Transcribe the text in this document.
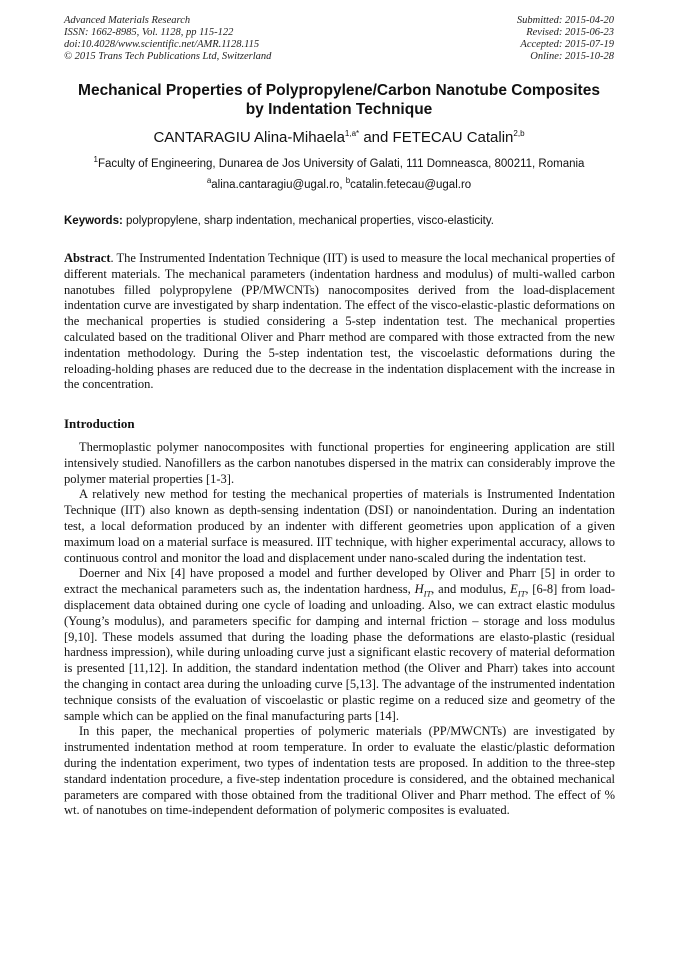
Advanced Materials Research
ISSN: 1662-8985, Vol. 1128, pp 115-122
doi:10.4028/www.scientific.net/AMR.1128.115
© 2015 Trans Tech Publications Ltd, Switzerland
Submitted: 2015-04-20
Revised: 2015-06-23
Accepted: 2015-07-19
Online: 2015-10-28
Mechanical Properties of Polypropylene/Carbon Nanotube Composites
by Indentation Technique
CANTARAGIU Alina-Mihaela$^{1,a*}$ and FETECAU Catalin$^{2,b}$
$^1$Faculty of Engineering, Dunarea de Jos University of Galati, 111 Domneasca, 800211, Romania
$^a$alina.cantaragiu@ugal.ro, $^b$catalin.fetecau@ugal.ro
Keywords: polypropylene, sharp indentation, mechanical properties, visco-elasticity.
Abstract. The Instrumented Indentation Technique (IIT) is used to measure the local mechanical properties of different materials. The mechanical parameters (indentation hardness and modulus) of multi-walled carbon nanotubes filled polypropylene (PP/MWCNTs) nanocomposites derived from the load-displacement indentation curve are investigated by sharp indentation. The effect of the visco-elastic-plastic deformations on the mechanical properties is studied considering a 5-step indentation test. The mechanical properties calculated based on the traditional Oliver and Pharr method are compared with those extracted from the new indentation methodology. During the 5-step indentation test, the viscoelastic deformations during the reloading-holding phases are reduced due to the decrease in the indentation displacement with the increase in the concentration.
Introduction

Thermoplastic polymer nanocomposites with functional properties for engineering application are still intensively studied. Nanofillers as the carbon nanotubes dispersed in the matrix can considerably improve the polymer material properties [1-3].

A relatively new method for testing the mechanical properties of materials is Instrumented Indentation Technique (IIT) also known as depth-sensing indentation (DSI) or nanoindentation. During an indentation test, a local deformation produced by an indenter with different geometries upon application of a given maximum load on a material surface is measured. IIT technique, with higher experimental accuracy, allows to continuous control and monitor the load and displacement under nano-scaled during the indentation test.

Doerner and Nix [4] have proposed a model and further developed by Oliver and Pharr [5] in order to extract the mechanical parameters such as, the indentation hardness, $H_{IT}$, and modulus, $E_{IT}$, [6-8] from load-displacement data obtained during one cycle of loading and unloading. Also, we can extract elastic modulus (Young’s modulus), and parameters specific for damping and internal friction – storage and loss modulus [9,10]. These models assumed that during the loading phase the deformations are elasto-plastic (residual hardness impression), while during unloading curve just a significant elastic recovery of material deformation is presented [11,12]. In addition, the standard indentation method (the Oliver and Pharr) takes into account the changing in contact area during the unloading curve [5,13]. The advantage of the instrumented indentation technique consists of the evaluation of viscoelastic or plastic regime on a reduced size and geometry of the sample which can be applied on the final manufacturing parts [14].

In this paper, the mechanical properties of polymeric materials (PP/MWCNTs) are investigated by instrumented indentation method at room temperature. In order to evaluate the elastic/plastic deformation during the indentation experiment, two types of indentation tests are proposed. In addition to the three-step standard indentation procedure, a five-step indentation procedure is considered, and the obtained mechanical parameters are compared with those obtained from the traditional Oliver and Pharr method. The effect of % wt. of nanotubes on time-independent deformation of polymeric composites is evaluated.
